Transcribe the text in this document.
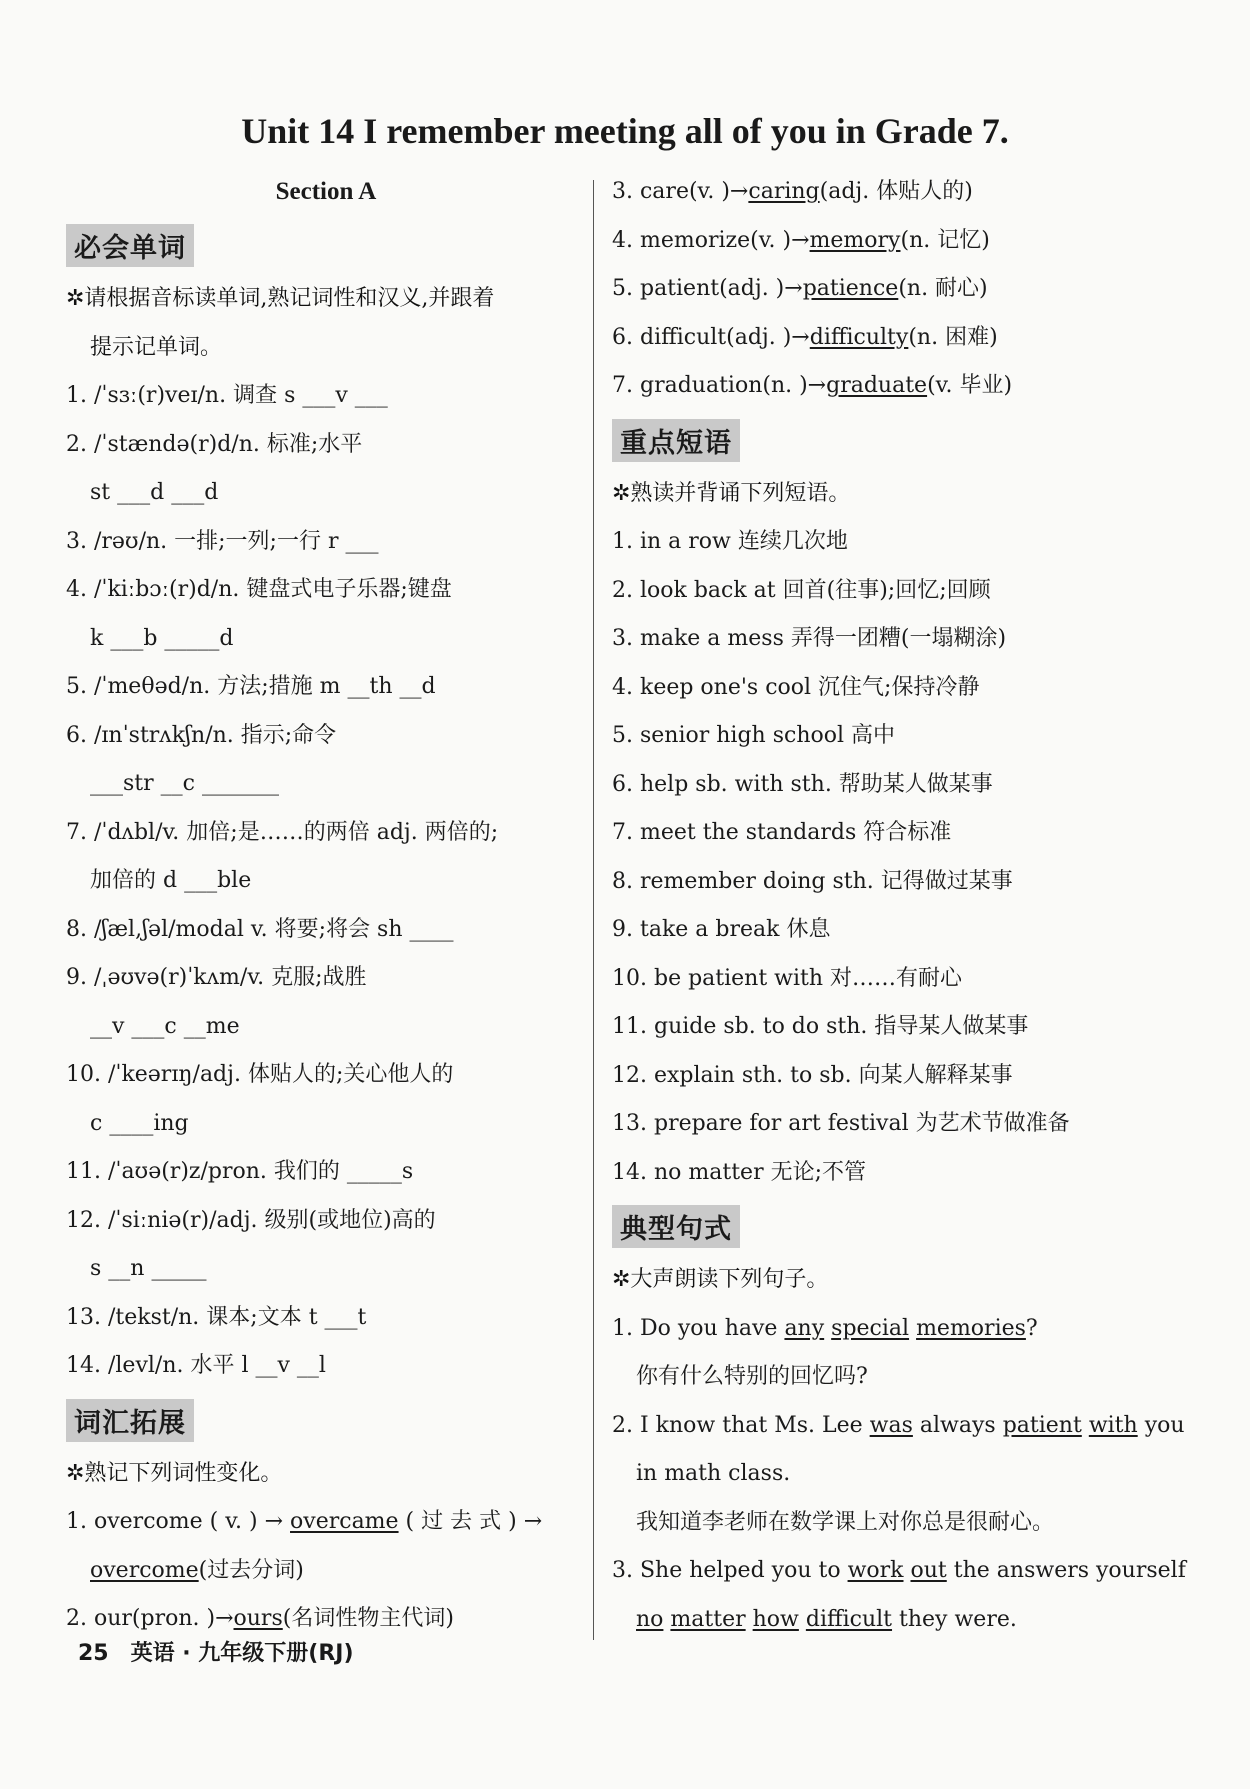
Unit 14 I remember meeting all of you in Grade 7.
Section A
必会单词
✲请根据音标读单词,熟记词性和汉义,并跟着
提示记单词。
1. /ˈsɜː(r)veɪ/n. 调查 s ___v ___
2. /ˈstændə(r)d/n. 标准;水平
st ___d ___d
3. /rəʊ/n. 一排;一列;一行 r ___
4. /ˈkiːbɔː(r)d/n. 键盘式电子乐器;键盘
k ___b _____d
5. /ˈmeθəd/n. 方法;措施 m __th __d
6. /ɪnˈstrʌkʃn/n. 指示;命令
___str __c _______
7. /ˈdʌbl/v. 加倍;是……的两倍 adj. 两倍的;
加倍的 d ___ble
8. /ʃæl,ʃəl/modal v. 将要;将会 sh ____
9. /ˌəʊvə(r)ˈkʌm/v. 克服;战胜
__v ___c __me
10. /ˈkeərɪŋ/adj. 体贴人的;关心他人的
c ____ing
11. /ˈaʊə(r)z/pron. 我们的 _____s
12. /ˈsiːniə(r)/adj. 级别(或地位)高的
s __n _____
13. /tekst/n. 课本;文本 t ___t
14. /levl/n. 水平 l __v __l
词汇拓展
✲熟记下列词性变化。
1. overcome ( v. ) → overcame ( 过 去 式 ) →
overcome(过去分词)
2. our(pron. )→ours(名词性物主代词)
3. care(v. )→caring(adj. 体贴人的)
4. memorize(v. )→memory(n. 记忆)
5. patient(adj. )→patience(n. 耐心)
6. difficult(adj. )→difficulty(n. 困难)
7. graduation(n. )→graduate(v. 毕业)
重点短语
✲熟读并背诵下列短语。
1. in a row 连续几次地
2. look back at 回首(往事);回忆;回顾
3. make a mess 弄得一团糟(一塌糊涂)
4. keep one's cool 沉住气;保持冷静
5. senior high school 高中
6. help sb. with sth. 帮助某人做某事
7. meet the standards 符合标准
8. remember doing sth. 记得做过某事
9. take a break 休息
10. be patient with 对……有耐心
11. guide sb. to do sth. 指导某人做某事
12. explain sth. to sb. 向某人解释某事
13. prepare for art festival 为艺术节做准备
14. no matter 无论;不管
典型句式
✲大声朗读下列句子。
1. Do you have any special memories?
你有什么特别的回忆吗?
2. I know that Ms. Lee was always patient with you
in math class.
我知道李老师在数学课上对你总是很耐心。
3. She helped you to work out the answers yourself
no matter how difficult they were.
25 英语 · 九年级下册(RJ)
